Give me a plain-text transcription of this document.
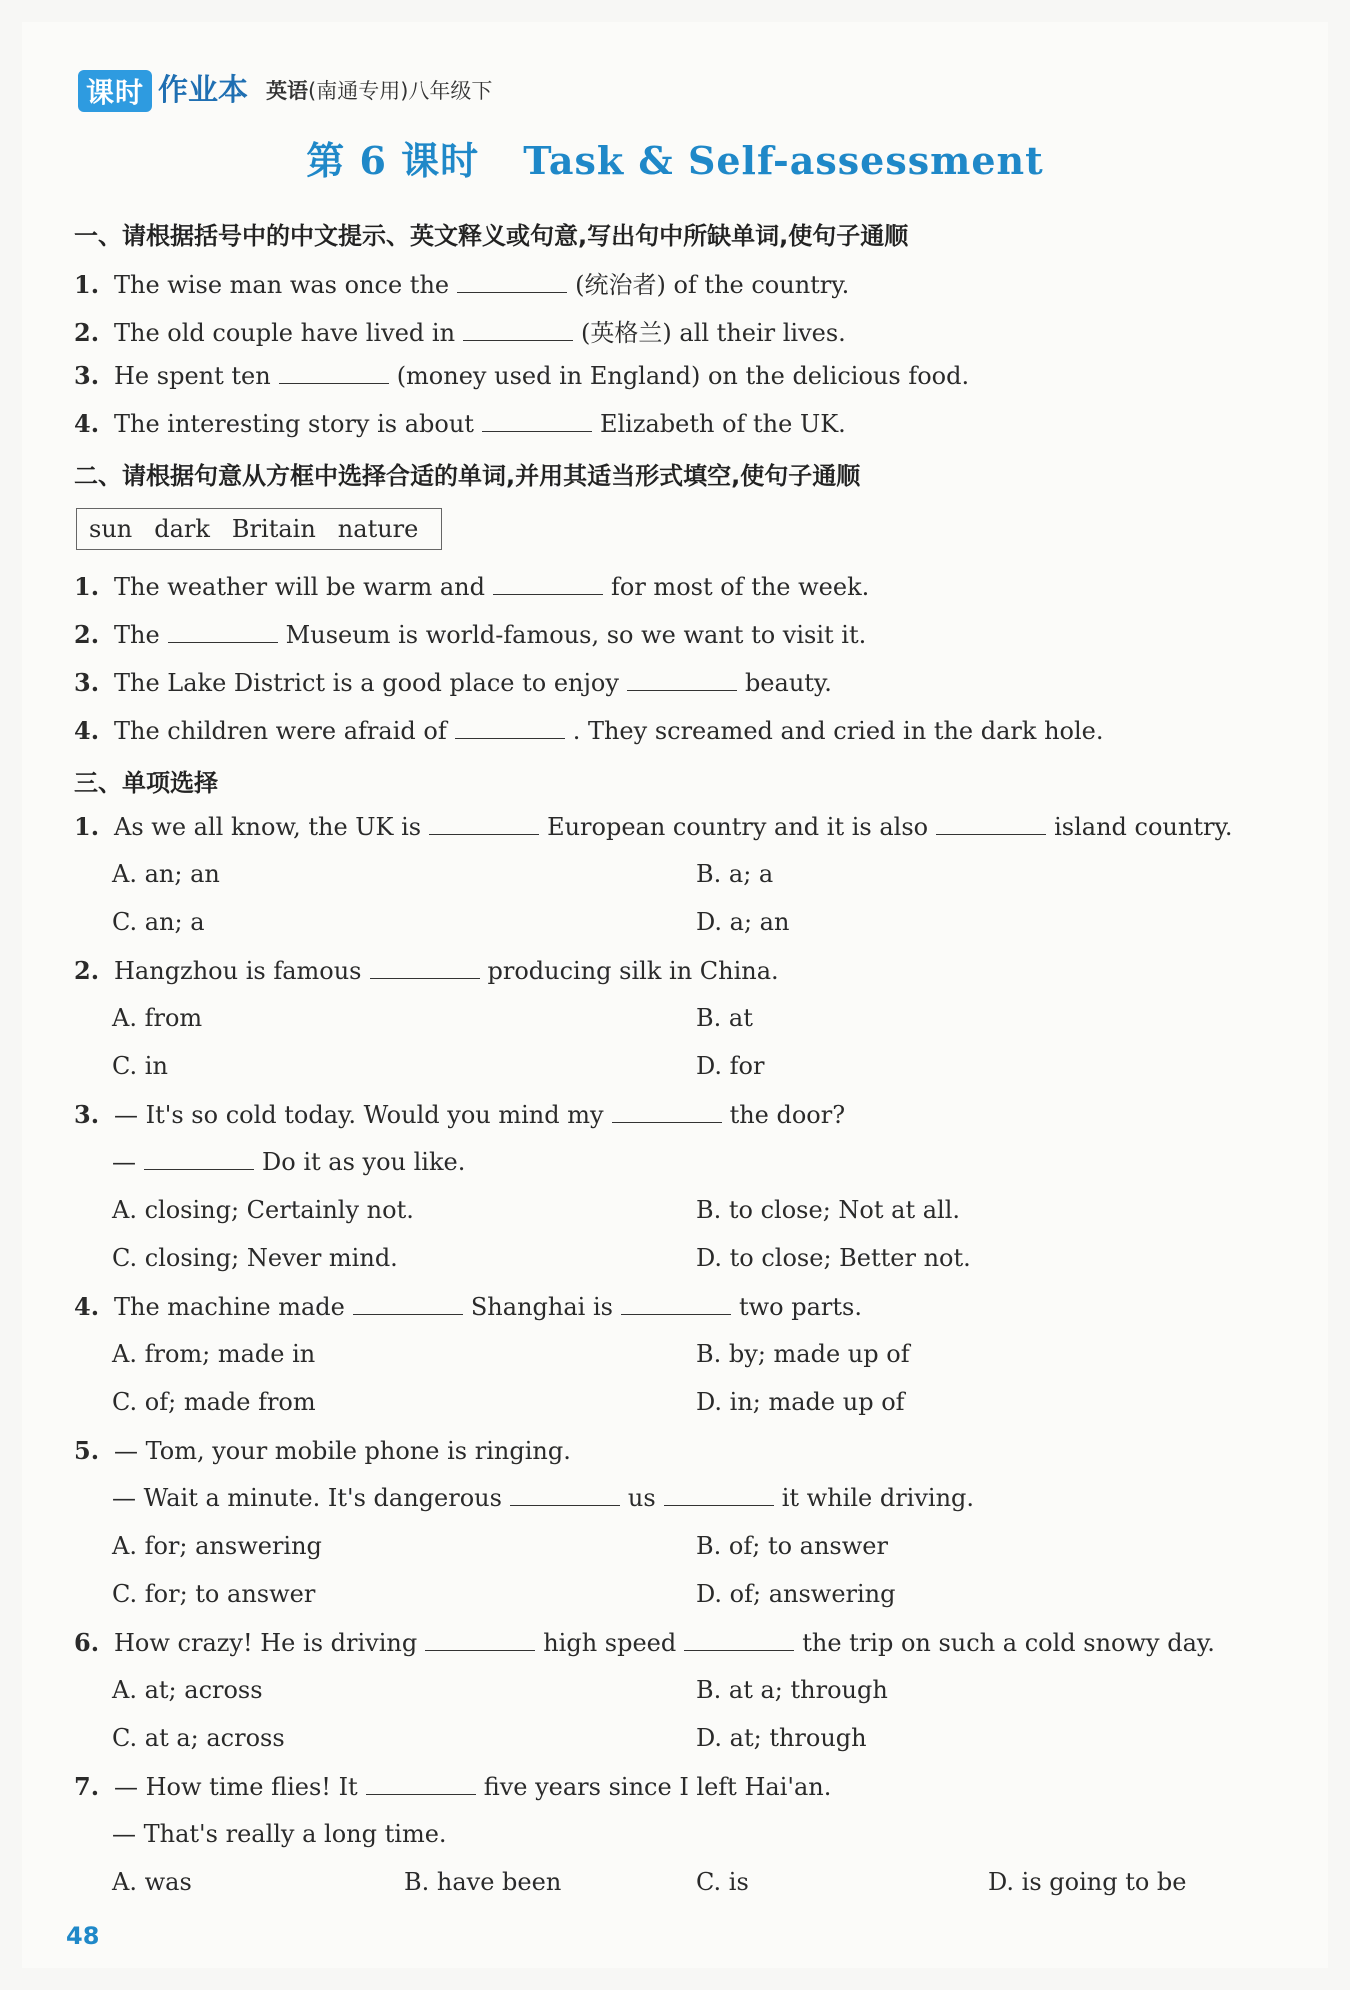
课时 作业本 英语(南通专用)八年级下
第 6 课时 Task & Self-assessment
一、请根据括号中的中文提示、英文释义或句意,写出句中所缺单词,使句子通顺
1. The wise man was once the	(统治者) of the country.
2. The old couple have lived in	(英格兰) all their lives.
3. He spent ten	(money used in England) on the delicious food.
4. The interesting story is about	Elizabeth of the UK.
二、请根据句意从方框中选择合适的单词,并用其适当形式填空,使句子通顺
sun dark Britain nature
1. The weather will be warm and	for most of the week.
2. The	Museum is world-famous, so we want to visit it.
3. The Lake District is a good place to enjoy	beauty.
4. The children were afraid of	. They screamed and cried in the dark hole.
三、单项选择
1. As we all know, the UK is	European country and it is also	island country.
A. an; an	B. a; a
C. an; a	D. a; an
2. Hangzhou is famous	producing silk in China.
A. from	B. at
C. in	D. for
3. — It's so cold today. Would you mind my	the door?
—	Do it as you like.
A. closing; Certainly not.	B. to close; Not at all.
C. closing; Never mind.	D. to close; Better not.
4. The machine made	Shanghai is	two parts.
A. from; made in	B. by; made up of
C. of; made from	D. in; made up of
5. — Tom, your mobile phone is ringing.
— Wait a minute. It's dangerous	us	it while driving.
A. for; answering	B. of; to answer
C. for; to answer	D. of; answering
6. How crazy! He is driving	high speed	the trip on such a cold snowy day.
A. at; across	B. at a; through
C. at a; across	D. at; through
7. — How time flies! It	five years since I left Hai'an.
— That's really a long time.
A. was	B. have been	C. is	D. is going to be
48
